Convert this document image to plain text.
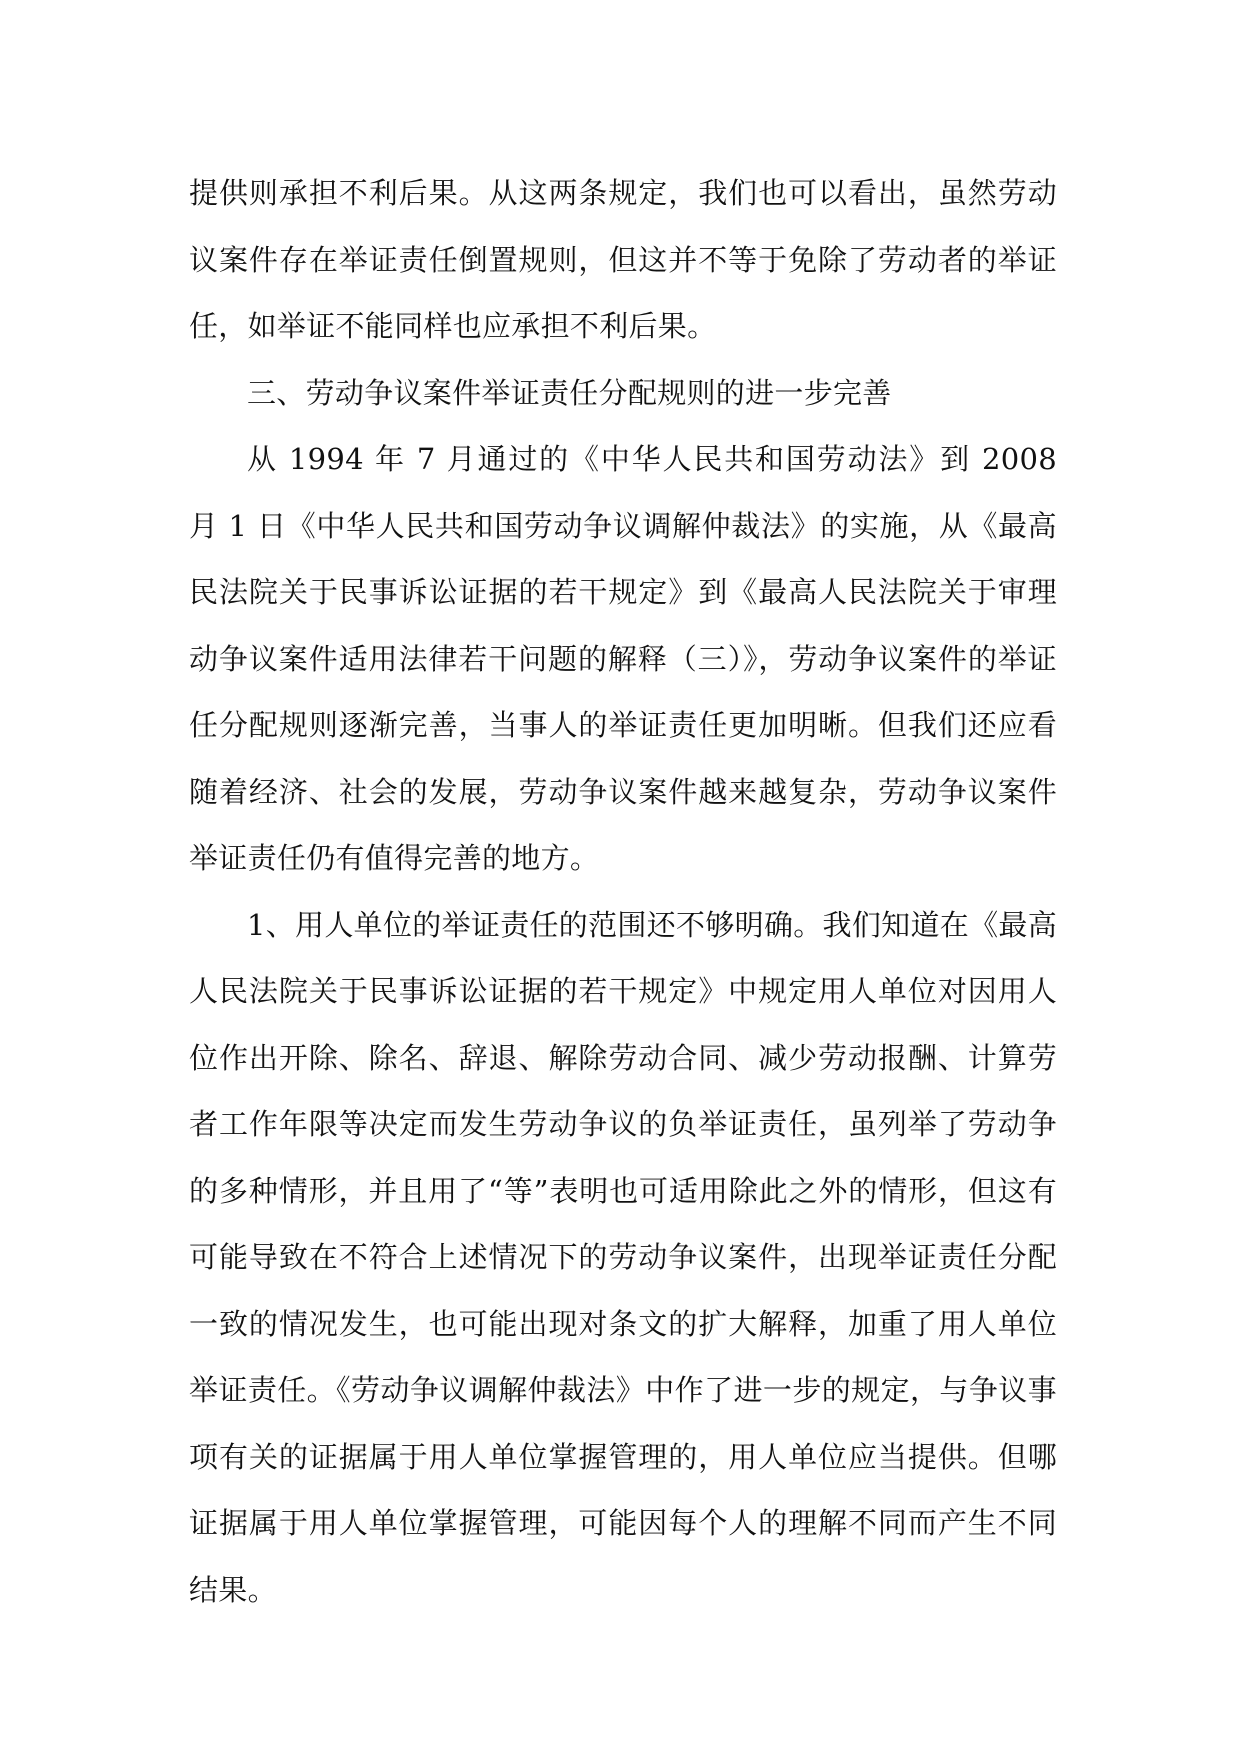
提供则承担不利后果。从这两条规定，我们也可以看出，虽然劳动
议案件存在举证责任倒置规则，但这并不等于免除了劳动者的举证
任，如举证不能同样也应承担不利后果。
三、劳动争议案件举证责任分配规则的进一步完善
从 1994 年 7 月通过的《中华人民共和国劳动法》到 2008
月 1 日《中华人民共和国劳动争议调解仲裁法》的实施，从《最高
民法院关于民事诉讼证据的若干规定》到《最高人民法院关于审理
动争议案件适用法律若干问题的解释（三）》，劳动争议案件的举证
任分配规则逐渐完善，当事人的举证责任更加明晰。但我们还应看
随着经济、社会的发展，劳动争议案件越来越复杂，劳动争议案件
举证责任仍有值得完善的地方。
1、用人单位的举证责任的范围还不够明确。我们知道在《最高
人民法院关于民事诉讼证据的若干规定》中规定用人单位对因用人
位作出开除、除名、辞退、解除劳动合同、减少劳动报酬、计算劳
者工作年限等决定而发生劳动争议的负举证责任，虽列举了劳动争
的多种情形，并且用了“等”表明也可适用除此之外的情形，但这有
可能导致在不符合上述情况下的劳动争议案件，出现举证责任分配
一致的情况发生，也可能出现对条文的扩大解释，加重了用人单位
举证责任。《劳动争议调解仲裁法》中作了进一步的规定，与争议事
项有关的证据属于用人单位掌握管理的，用人单位应当提供。但哪
证据属于用人单位掌握管理，可能因每个人的理解不同而产生不同
结果。
